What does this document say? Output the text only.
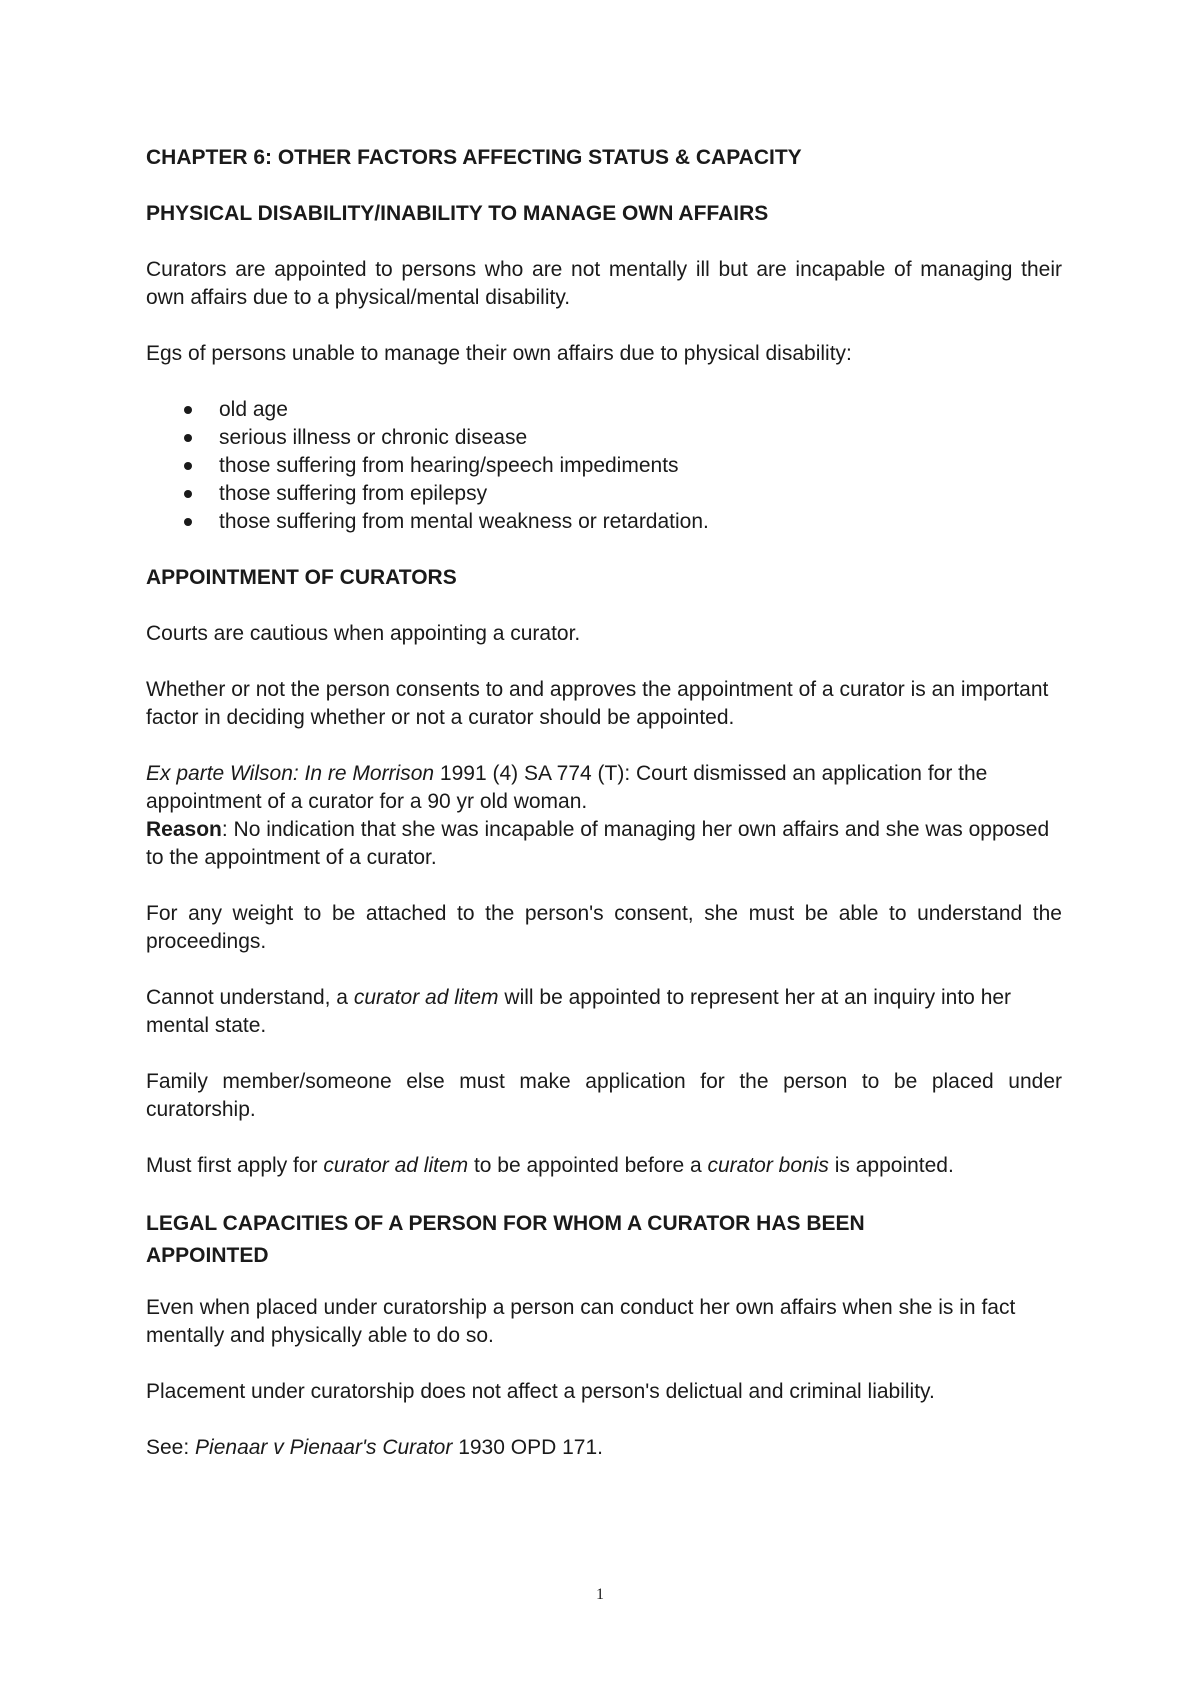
CHAPTER 6: OTHER FACTORS AFFECTING STATUS & CAPACITY
PHYSICAL DISABILITY/INABILITY TO MANAGE OWN AFFAIRS

Curators are appointed to persons who are not mentally ill but are incapable of managing their own affairs due to a physical/mental disability.

Egs of persons unable to manage their own affairs due to physical disability:

old age
serious illness or chronic disease
those suffering from hearing/speech impediments
those suffering from epilepsy
those suffering from mental weakness or retardation.
APPOINTMENT OF CURATORS

Courts are cautious when appointing a curator.

Whether or not the person consents to and approves the appointment of a curator is an important factor in deciding whether or not a curator should be appointed.

Ex parte Wilson: In re Morrison 1991 (4) SA 774 (T): Court dismissed an application for the appointment of a curator for a 90 yr old woman.

Reason: No indication that she was incapable of managing her own affairs and she was opposed to the appointment of a curator.

For any weight to be attached to the person's consent, she must be able to understand the proceedings.

Cannot understand, a curator ad litem will be appointed to represent her at an inquiry into her mental state.

Family member/someone else must make application for the person to be placed under curatorship.

Must first apply for curator ad litem to be appointed before a curator bonis is appointed.

LEGAL CAPACITIES OF A PERSON FOR WHOM A CURATOR HAS BEEN
APPOINTED

Even when placed under curatorship a person can conduct her own affairs when she is in fact mentally and physically able to do so.

Placement under curatorship does not affect a person's delictual and criminal liability.

See: Pienaar v Pienaar's Curator 1930 OPD 171.

1
